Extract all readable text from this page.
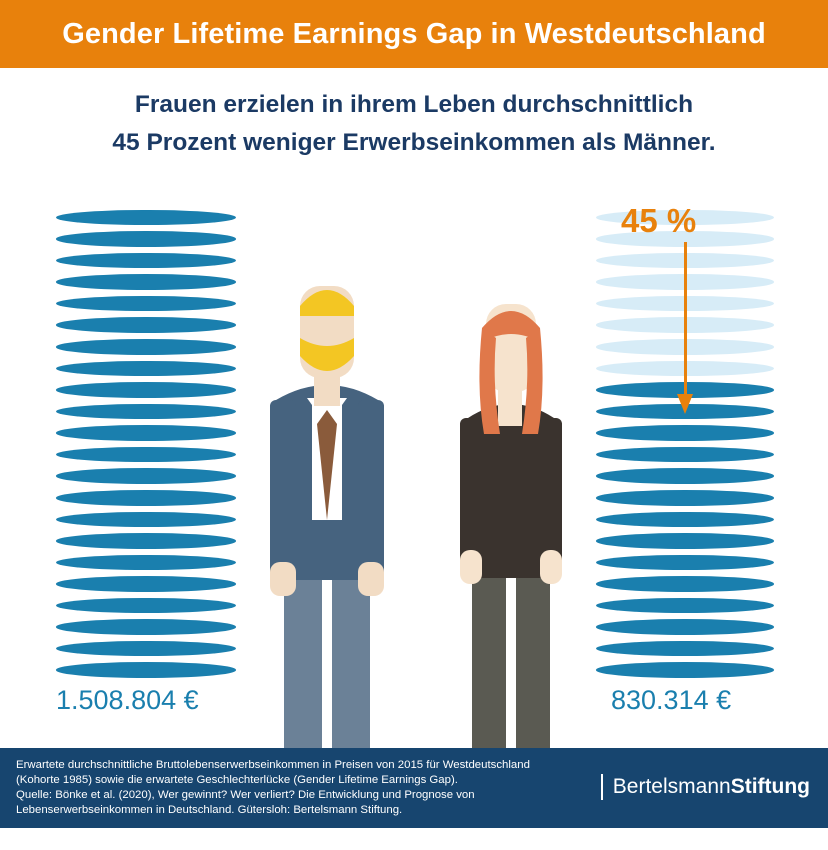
Gender Lifetime Earnings Gap in Westdeutschland
Frauen erzielen in ihrem Leben durchschnittlich
45 Prozent weniger Erwerbseinkommen als Männer.
1.508.804 €	830.314 €
45 %
Erwartete durchschnittliche Bruttolebenserwerbseinkommen in Preisen von 2015 für Westdeutschland
(Kohorte 1985) sowie die erwartete Geschlechterlücke (Gender Lifetime Earnings Gap).
Quelle: Bönke et al. (2020), Wer gewinnt? Wer verliert? Die Entwicklung und Prognose von
Lebenserwerbseinkommen in Deutschland. Gütersloh: Bertelsmann Stiftung.
BertelsmannStiftung
